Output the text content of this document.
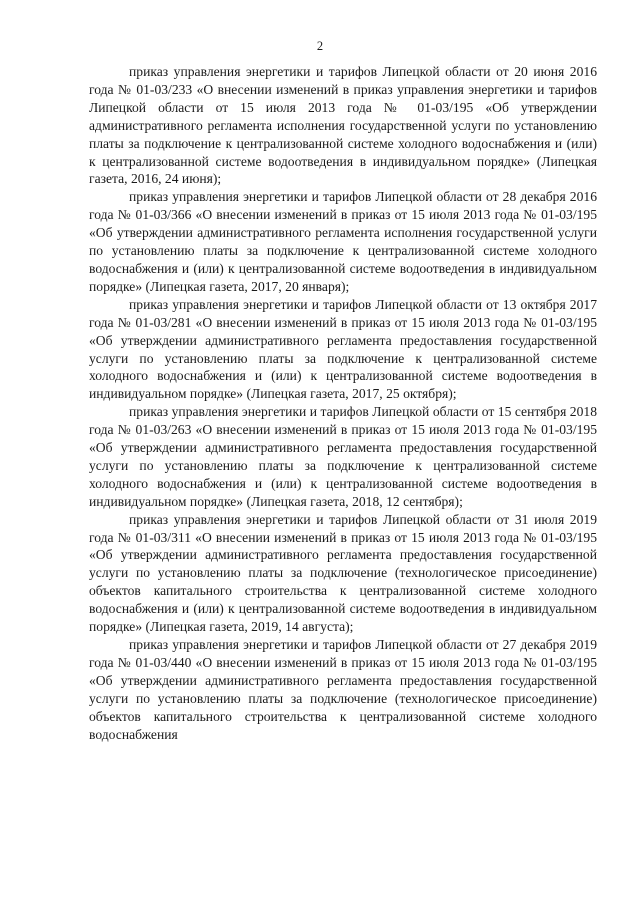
2

приказ управления энергетики и тарифов Липецкой области от 20 июня 2016 года № 01-03/233 «О внесении изменений в приказ управления энергетики и тарифов Липецкой области от 15 июля 2013 года № 01-03/195 «Об утверждении административного регламента исполнения государственной услуги по установлению платы за подключение к централизованной системе холодного водоснабжения и (или) к централизованной системе водоотведения в индивидуальном порядке» (Липецкая газета, 2016, 24 июня);

приказ управления энергетики и тарифов Липецкой области от 28 декабря 2016 года № 01-03/366 «О внесении изменений в приказ от 15 июля 2013 года № 01-03/195 «Об утверждении административного регламента исполнения государственной услуги по установлению платы за подключение к централизованной системе холодного водоснабжения и (или) к централизованной системе водоотведения в индивидуальном порядке» (Липецкая газета, 2017, 20 января);

приказ управления энергетики и тарифов Липецкой области от 13 октября 2017 года № 01-03/281 «О внесении изменений в приказ от 15 июля 2013 года № 01-03/195 «Об утверждении административного регламента предоставления государственной услуги по установлению платы за подключение к централизованной системе холодного водоснабжения и (или) к централизованной системе водоотведения в индивидуальном порядке» (Липецкая газета, 2017, 25 октября);

приказ управления энергетики и тарифов Липецкой области от 15 сентября 2018 года № 01-03/263 «О внесении изменений в приказ от 15 июля 2013 года № 01-03/195 «Об утверждении административного регламента предоставления государственной услуги по установлению платы за подключение к централизованной системе холодного водоснабжения и (или) к централизованной системе водоотведения в индивидуальном порядке» (Липецкая газета, 2018, 12 сентября);

приказ управления энергетики и тарифов Липецкой области от 31 июля 2019 года № 01-03/311 «О внесении изменений в приказ от 15 июля 2013 года № 01-03/195 «Об утверждении административного регламента предоставления государственной услуги по установлению платы за подключение (технологическое присоединение) объектов капитального строительства к централизованной системе холодного водоснабжения и (или) к централизованной системе водоотведения в индивидуальном порядке» (Липецкая газета, 2019, 14 августа);

приказ управления энергетики и тарифов Липецкой области от 27 декабря 2019 года № 01-03/440 «О внесении изменений в приказ от 15 июля 2013 года № 01-03/195 «Об утверждении административного регламента предоставления государственной услуги по установлению платы за подключение (технологическое присоединение) объектов капитального строительства к централизованной системе холодного водоснабжения
